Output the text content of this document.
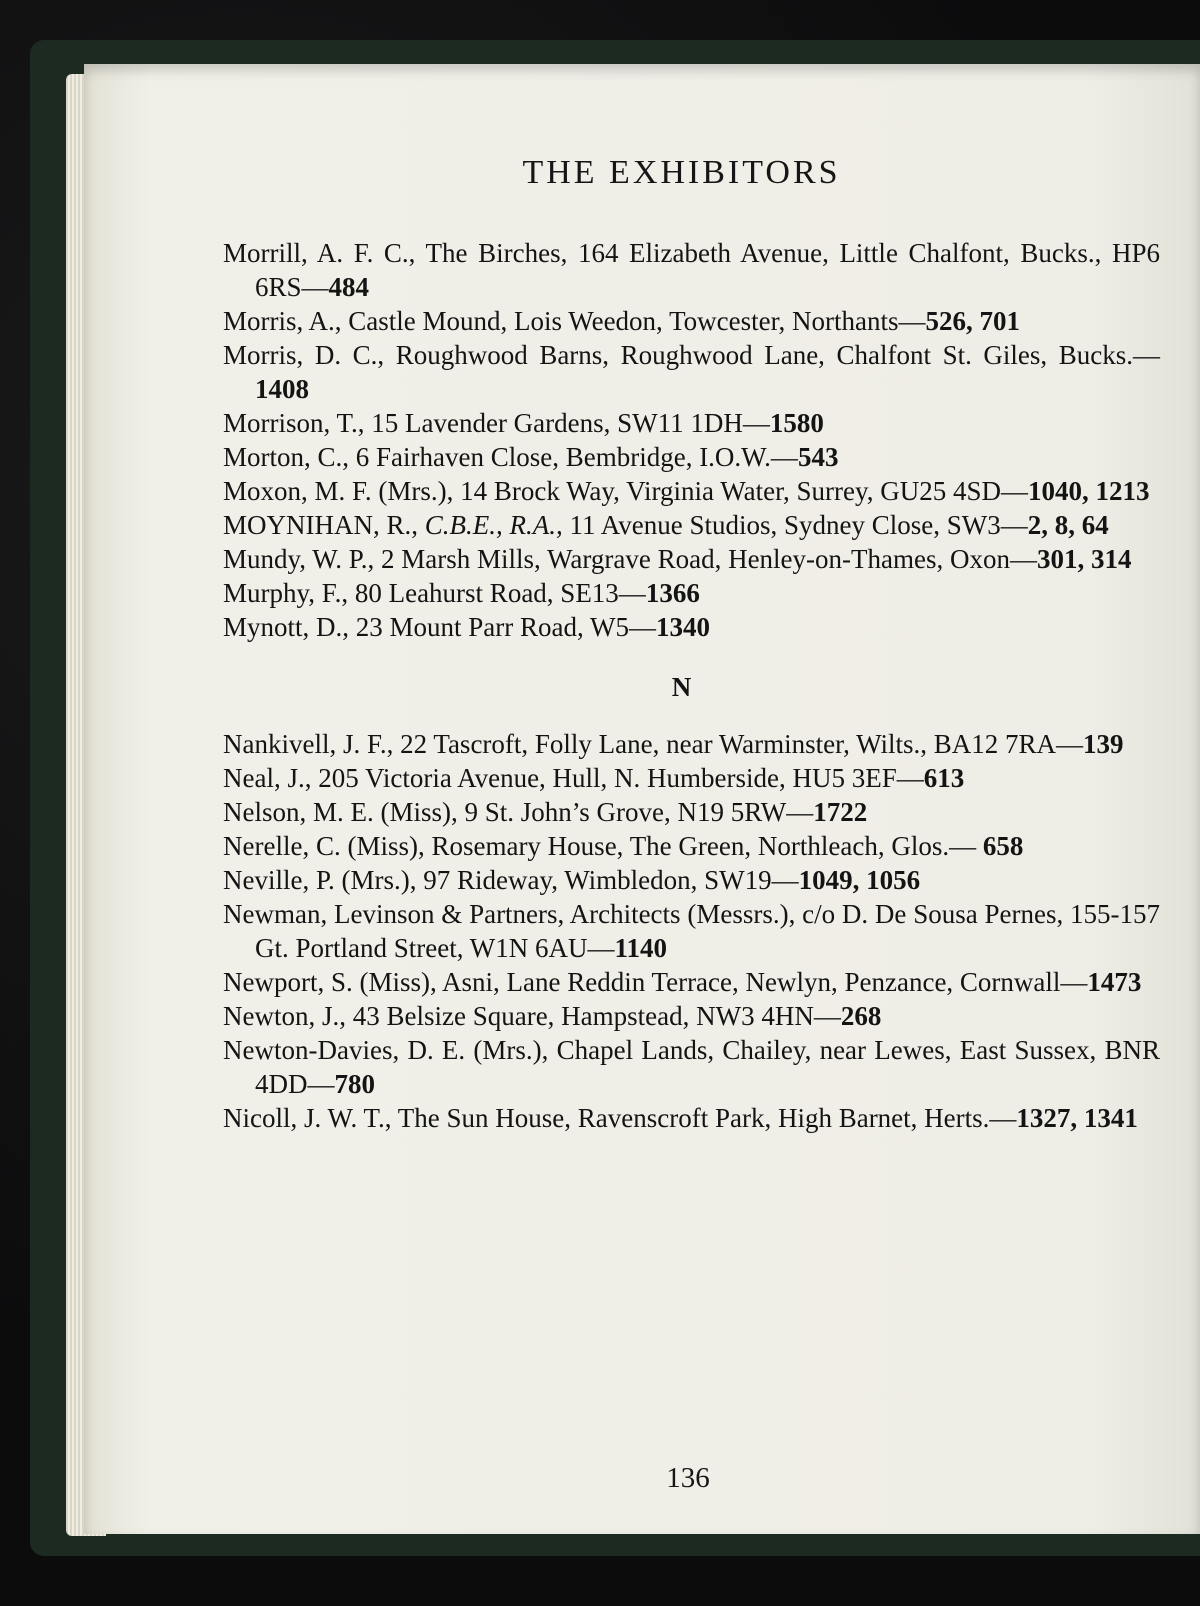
THE EXHIBITORS
Morrill, A. F. C., The Birches, 164 Elizabeth Avenue, Little Chalfont, Bucks., HP6 6RS—484
Morris, A., Castle Mound, Lois Weedon, Towcester, Northants—526, 701
Morris, D. C., Roughwood Barns, Roughwood Lane, Chalfont St. Giles, Bucks.—1408
Morrison, T., 15 Lavender Gardens, SW11 1DH—1580
Morton, C., 6 Fairhaven Close, Bembridge, I.O.W.—543
Moxon, M. F. (Mrs.), 14 Brock Way, Virginia Water, Surrey, GU25 4SD—1040, 1213
MOYNIHAN, R., C.B.E., R.A., 11 Avenue Studios, Sydney Close, SW3—2, 8, 64
Mundy, W. P., 2 Marsh Mills, Wargrave Road, Henley-on-Thames, Oxon—301, 314
Murphy, F., 80 Leahurst Road, SE13—1366
Mynott, D., 23 Mount Parr Road, W5—1340
N
Nankivell, J. F., 22 Tascroft, Folly Lane, near Warminster, Wilts., BA12 7RA—139
Neal, J., 205 Victoria Avenue, Hull, N. Humberside, HU5 3EF—613
Nelson, M. E. (Miss), 9 St. John’s Grove, N19 5RW—1722
Nerelle, C. (Miss), Rosemary House, The Green, Northleach, Glos.— 658
Neville, P. (Mrs.), 97 Rideway, Wimbledon, SW19—1049, 1056
Newman, Levinson & Partners, Architects (Messrs.), c/o D. De Sousa Pernes, 155-157 Gt. Portland Street, W1N 6AU—1140
Newport, S. (Miss), Asni, Lane Reddin Terrace, Newlyn, Penzance, Cornwall—1473
Newton, J., 43 Belsize Square, Hampstead, NW3 4HN—268
Newton-Davies, D. E. (Mrs.), Chapel Lands, Chailey, near Lewes, East Sussex, BNR 4DD—780
Nicoll, J. W. T., The Sun House, Ravenscroft Park, High Barnet, Herts.—1327, 1341
136
